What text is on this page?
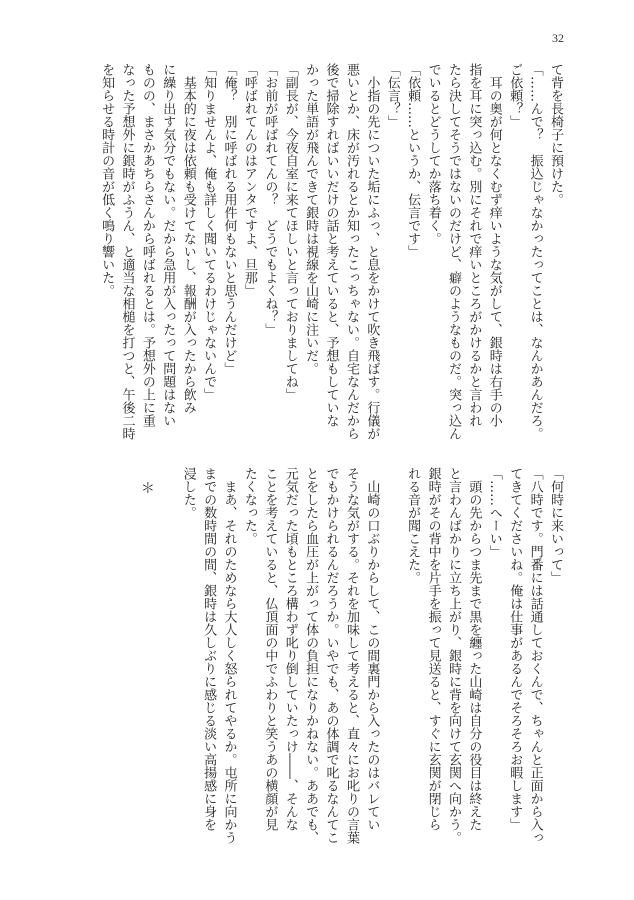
32
て背を長椅子に預けた。
「……んで？　振込じゃなかったってことは、なんかあんだろ。
ご依頼？」
耳の奥が何となくむず痒いような気がして、銀時は右手の小
指を耳に突っ込む。別にそれで痒いところがかけるかと言われ
たら決してそうではないのだけど、癖のようなものだ。突っ込ん
でいるとどうしてか落ち着く。
「依頼……というか、伝言です」
「伝言？」
小指の先についた垢にふっ、と息をかけて吹き飛ばす。行儀が
悪いとか、床が汚れるとか知ったこっちゃない。自宅なんだから
後で掃除すればいいだけの話と考えていると、予想もしていな
かった単語が飛んできて銀時は視線を山崎に注いだ。
「副長が、今夜自室に来てほしいと言っておりましてね」
「お前が呼ばれてんの？　どうでもよくね？」
「呼ばれてんのはアンタですよ、旦那」
「俺？　別に呼ばれる用件何もないと思うんだけど」
「知りませんよ、俺も詳しく聞いてるわけじゃないんで」
基本的に夜は依頼も受けてないし、報酬が入ったから飲み
に繰り出す気分でもない。だから急用が入ったって問題はない
ものの、まさかあちらさんから呼ばれるとは。予想外の上に重
なった予想外に銀時がふうん、と適当な相槌を打つと、午後二時
を知らせる時計の音が低く鳴り響いた。
「何時に来いって」
「八時です。門番には話通しておくんで、ちゃんと正面から入っ
てきてくださいね。俺は仕事があるんでそろそろお暇します」
「……へーい」
頭の先からつま先まで黒を纏った山崎は自分の役目は終えた
と言わんばかりに立ち上がり、銀時に背を向けて玄関へ向かう。
銀時がその背中を片手を振って見送ると、すぐに玄関が閉じら
れる音が聞こえた。
山崎の口ぶりからして、この間裏門から入ったのはバレてい
そうな気がする。それを加味して考えると、直々にお叱りの言葉
でもかけられるんだろうか。いやでも、あの体調で叱るなんてこ
とをしたら血圧が上がって体の負担になりかねない。ああでも、
元気だった頃もところ構わず叱り倒していたっけ――、そんな
ことを考えていると、仏頂面の中でふわりと笑うあの横顔が見
たくなった。
まあ、それのためなら大人しく怒られてやるか。屯所に向かう
までの数時間の間、銀時は久しぶりに感じる淡い高揚感に身を
浸した。
＊
